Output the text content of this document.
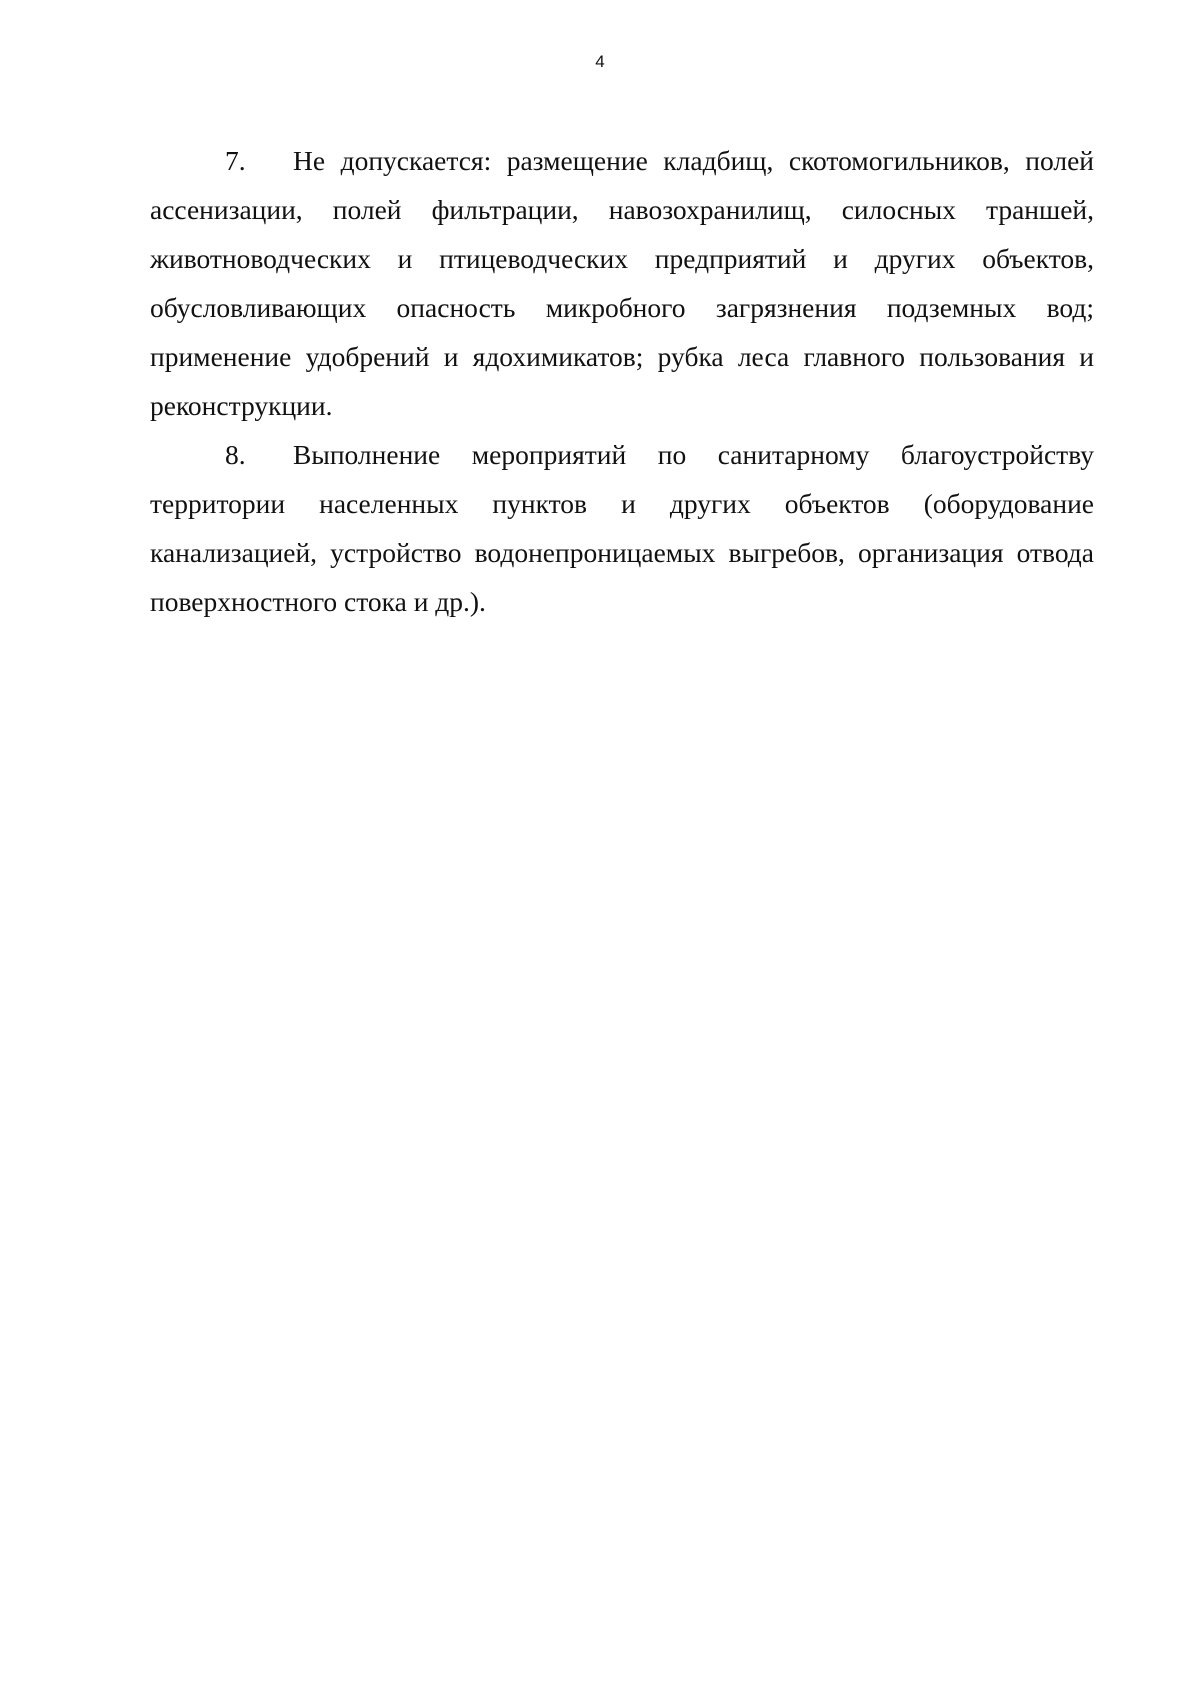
4

7. Не допускается: размещение кладбищ, скотомогильников, полей ассенизации, полей фильтрации, навозохранилищ, силосных траншей, животноводческих и птицеводческих предприятий и других объектов, обусловливающих опасность микробного загрязнения подземных вод; применение удобрений и ядохимикатов; рубка леса главного пользования и реконструкции.

8. Выполнение мероприятий по санитарному благоустройству территории населенных пунктов и других объектов (оборудование канализацией, устройство водонепроницаемых выгребов, организация отвода поверхностного стока и др.).
